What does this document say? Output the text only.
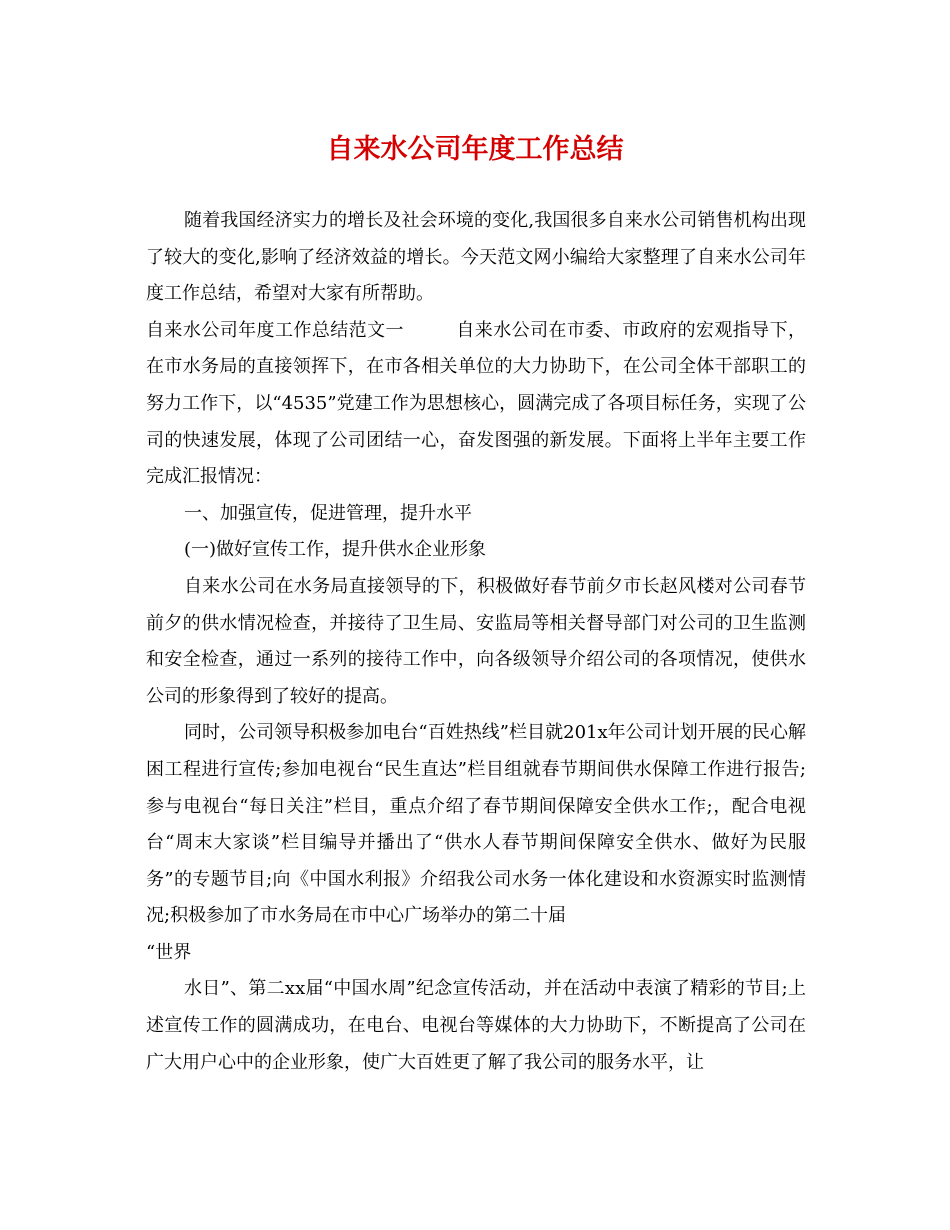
自来水公司年度工作总结

随着我国经济实力的增长及社会环境的变化,我国很多自来水公司销售机构出现了较大的变化,影响了经济效益的增长。今天范文网小编给大家整理了自来水公司年度工作总结，希望对大家有所帮助。

自来水公司年度工作总结范文一	自来水公司在市委、市政府的宏观指导下，在市水务局的直接领挥下，在市各相关单位的大力协助下，在公司全体干部职工的努力工作下，以“4535”党建工作为思想核心，圆满完成了各项目标任务，实现了公司的快速发展，体现了公司团结一心，奋发图强的新发展。下面将上半年主要工作完成汇报情况：

一、加强宣传，促进管理，提升水平

(一)做好宣传工作，提升供水企业形象

自来水公司在水务局直接领导的下，积极做好春节前夕市长赵风楼对公司春节前夕的供水情况检查，并接待了卫生局、安监局等相关督导部门对公司的卫生监测和安全检查，通过一系列的接待工作中，向各级领导介绍公司的各项情况，使供水公司的形象得到了较好的提高。

同时，公司领导积极参加电台“百姓热线”栏目就201x年公司计划开展的民心解困工程进行宣传;参加电视台“民生直达”栏目组就春节期间供水保障工作进行报告;参与电视台“每日关注”栏目，重点介绍了春节期间保障安全供水工作;，配合电视台“周末大家谈”栏目编导并播出了“供水人春节期间保障安全供水、做好为民服务”的专题节目;向《中国水利报》介绍我公司水务一体化建设和水资源实时监测情况;积极参加了市水务局在市中心广场举办的第二十届

“世界

水日”、第二xx届“中国水周”纪念宣传活动，并在活动中表演了精彩的节目;上述宣传工作的圆满成功，在电台、电视台等媒体的大力协助下，不断提高了公司在广大用户心中的企业形象，使广大百姓更了解了我公司的服务水平，让
